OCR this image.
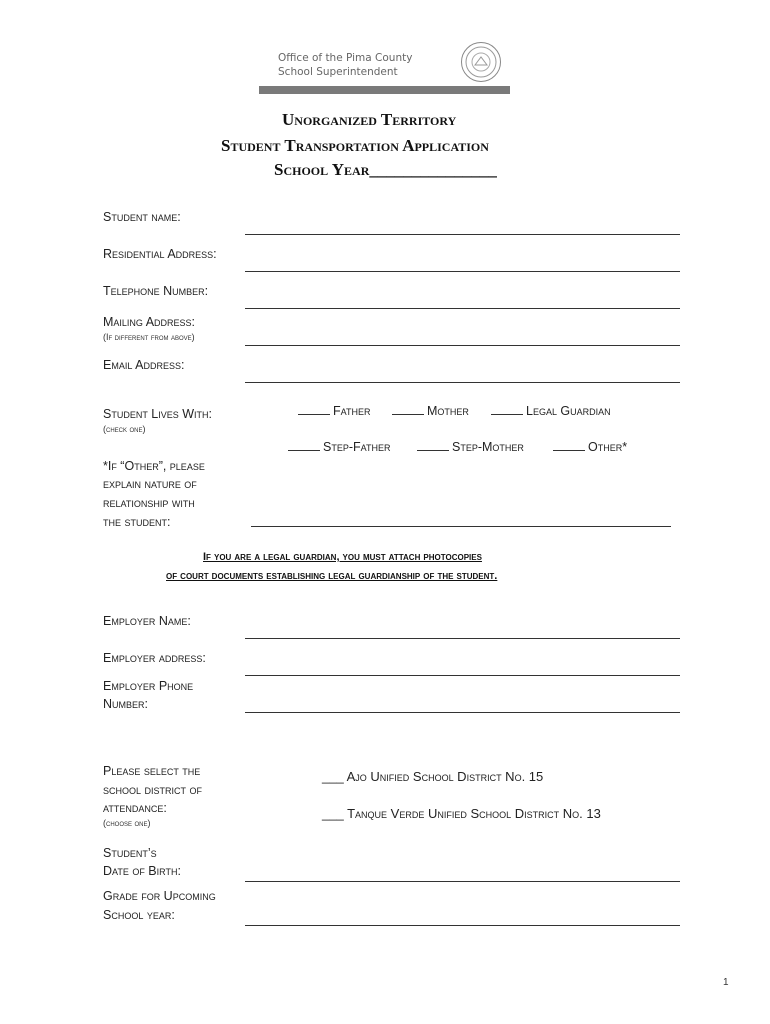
Office of the Pima County
School Superintendent
Unorganized Territory
Student Transportation Application
School Year_______________
Student name:
Residential Address:
Telephone Number:
Mailing Address:
(If different from above)
Email Address:
Student Lives With:
(check one)
Father	Mother	Legal Guardian
Step-Father	Step-Mother	Other*
*If “Other”, please
explain nature of
relationship with
the student:
If you are a legal guardian, you must attach photocopies
of court documents establishing legal guardianship of the student.
Employer Name:
Employer address:
Employer Phone
Number:
Please select the
school district of
attendance:
(choose one)
___ Ajo Unified School District No. 15
___ Tanque Verde Unified School District No. 13
Student’s
Date of Birth:
Grade for Upcoming
School year:
1
